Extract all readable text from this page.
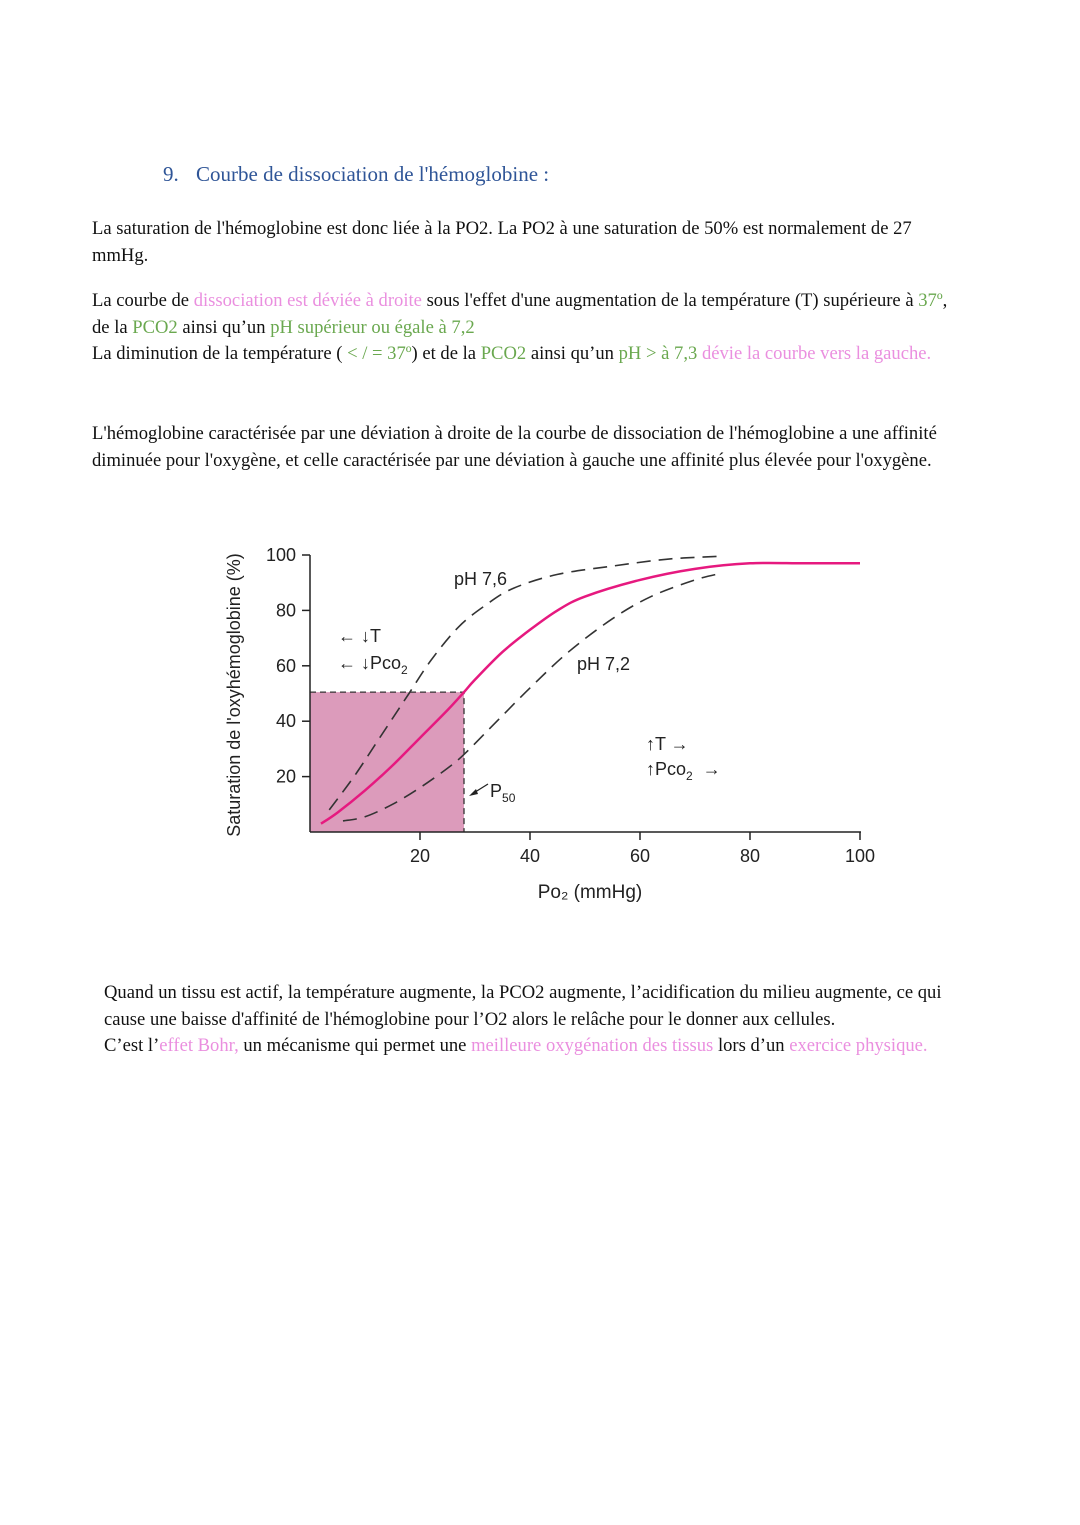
9. Courbe de dissociation de l'hémoglobine :

La saturation de l'hémoglobine est donc liée à la PO2. La PO2 à une saturation de 50% est normalement de 27 mmHg.

La courbe de dissociation est déviée à droite sous l'effet d'une augmentation de la température (T) supérieure à 37º, de la PCO2 ainsi qu’un pH supérieur ou égale à 7,2
La diminution de la température ( < / = 37º) et de la PCO2 ainsi qu’un pH > à 7,3 dévie la courbe vers la gauche.

L'hémoglobine caractérisée par une déviation à droite de la courbe de dissociation de l'hémoglobine a une affinité diminuée pour l'oxygène, et celle caractérisée par une déviation à gauche une affinité plus élevée pour l'oxygène.

Quand un tissu est actif, la température augmente, la PCO2 augmente, l’acidification du milieu augmente, ce qui cause une baisse d'affinité de l'hémoglobine pour l’O2 alors le relâche pour le donner aux cellules.
C’est l’effet Bohr, un mécanisme qui permet une meilleure oxygénation des tissus lors d’un exercice physique.

20
40
60
80
100
20	40	60	80	100
Saturation de l'oxyhémoglobine (%)
Po₂ (mmHg)
pH 7,6
pH 7,2
← ↓T
← ↓Pco$_2$
↑T →
↑Pco$_2$ →
$P_{50}$
